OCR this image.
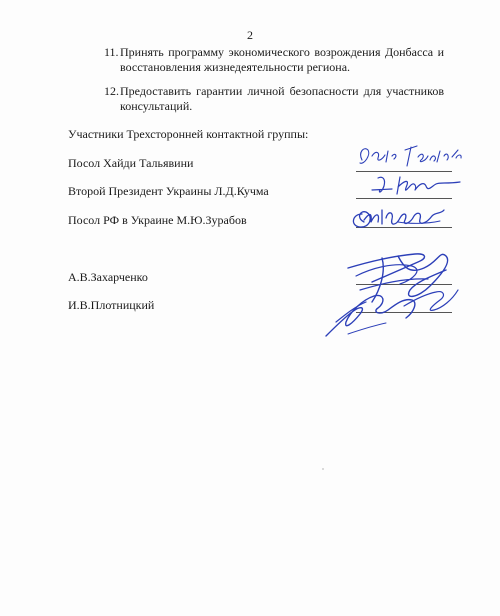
2
11. Принять программу экономического возрождения Донбасса и восстановления жизнедеятельности региона.
12. Предоставить гарантии личной безопасности для участников консультаций.
Участники Трехсторонней контактной группы:
Посол Хайди Тальявини
Второй Президент Украины Л.Д.Кучма
Посол РФ в Украине М.Ю.Зурабов
А.В.Захарченко
И.В.Плотницкий
